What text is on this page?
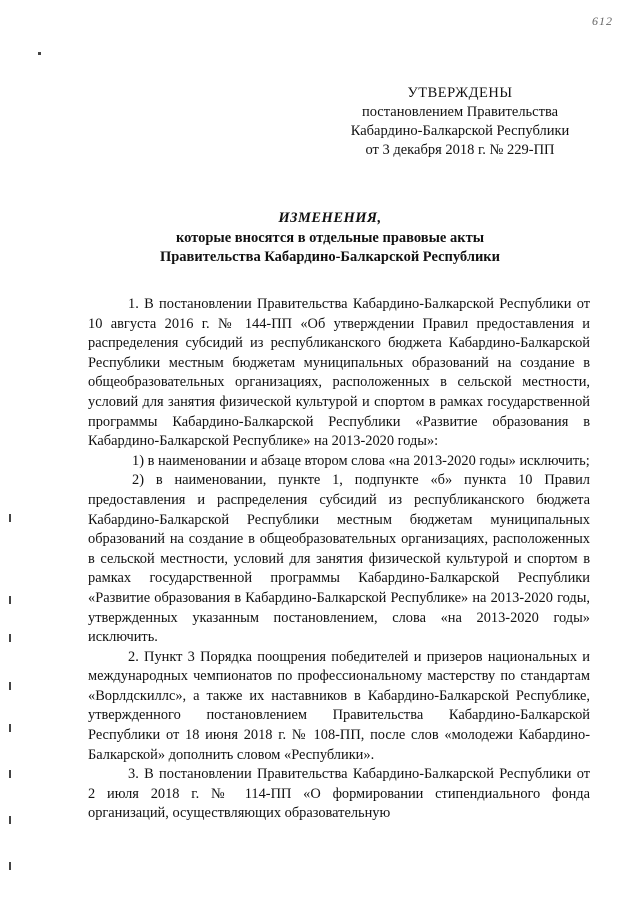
612
УТВЕРЖДЕНЫ
постановлением Правительства
Кабардино-Балкарской Республики
от 3 декабря 2018 г. № 229-ПП
ИЗМЕНЕНИЯ,
которые вносятся в отдельные правовые акты
Правительства Кабардино-Балкарской Республики

1. В постановлении Правительства Кабардино-Балкарской Республики от 10 августа 2016 г. № 144-ПП «Об утверждении Правил предоставления и распределения субсидий из республиканского бюджета Кабардино-Балкарской Республики местным бюджетам муниципальных образований на создание в общеобразовательных организациях, расположенных в сельской местности, условий для занятия физической культурой и спортом в рамках государственной программы Кабардино-Балкарской Республики «Развитие образования в Кабардино-Балкарской Республике» на 2013-2020 годы»:

1) в наименовании и абзаце втором слова «на 2013-2020 годы» исключить;

2) в наименовании, пункте 1, подпункте «б» пункта 10 Правил предоставления и распределения субсидий из республиканского бюджета Кабардино-Балкарской Республики местным бюджетам муниципальных образований на создание в общеобразовательных организациях, расположенных в сельской местности, условий для занятия физической культурой и спортом в рамках государственной программы Кабардино-Балкарской Республики «Развитие образования в Кабардино-Балкарской Республике» на 2013-2020 годы, утвержденных указанным постановлением, слова «на 2013-2020 годы» исключить.

2. Пункт 3 Порядка поощрения победителей и призеров национальных и международных чемпионатов по профессиональному мастерству по стандартам «Ворлдскиллс», а также их наставников в Кабардино-Балкарской Республике, утвержденного постановлением Правительства Кабардино-Балкарской Республики от 18 июня 2018 г. № 108-ПП, после слов «молодежи Кабардино-Балкарской» дополнить словом «Республики».

3. В постановлении Правительства Кабардино-Балкарской Республики от 2 июля 2018 г. № 114-ПП «О формировании стипендиального фонда организаций, осуществляющих образовательную
